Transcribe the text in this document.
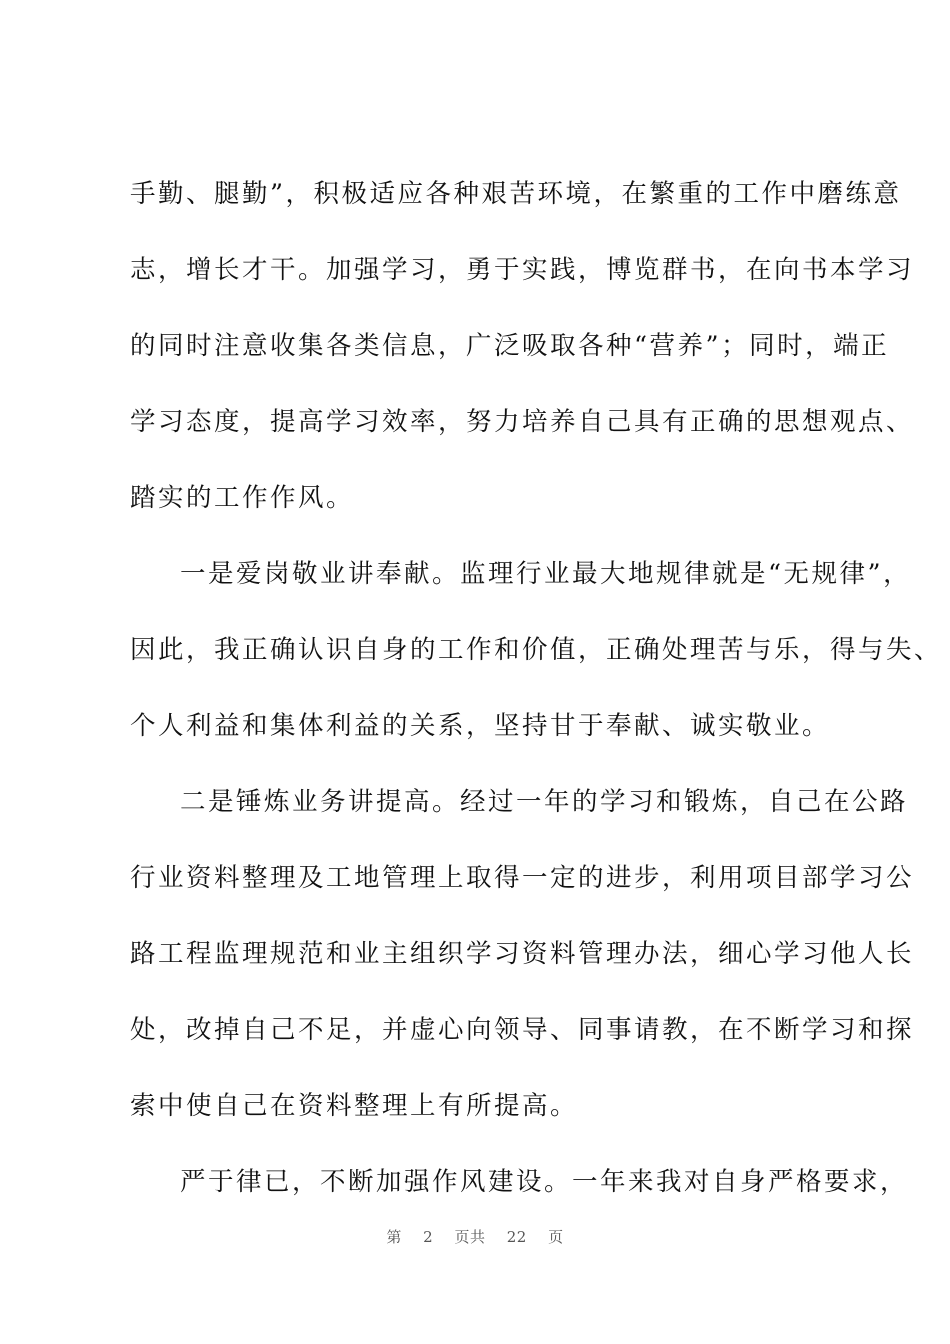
手勤、腿勤”，积极适应各种艰苦环境，在繁重的工作中磨练意
志，增长才干。加强学习，勇于实践，博览群书，在向书本学习
的同时注意收集各类信息，广泛吸取各种“营养”；同时，端正
学习态度，提高学习效率，努力培养自己具有正确的思想观点、
踏实的工作作风。
一是爱岗敬业讲奉献。监理行业最大地规律就是“无规律”，
因此，我正确认识自身的工作和价值，正确处理苦与乐，得与失、
个人利益和集体利益的关系，坚持甘于奉献、诚实敬业。
二是锤炼业务讲提高。经过一年的学习和锻炼，自己在公路
行业资料整理及工地管理上取得一定的进步，利用项目部学习公
路工程监理规范和业主组织学习资料管理办法，细心学习他人长
处，改掉自己不足，并虚心向领导、同事请教，在不断学习和探
索中使自己在资料整理上有所提高。
严于律已，不断加强作风建设。一年来我对自身严格要求，
第 2 页共 22 页
